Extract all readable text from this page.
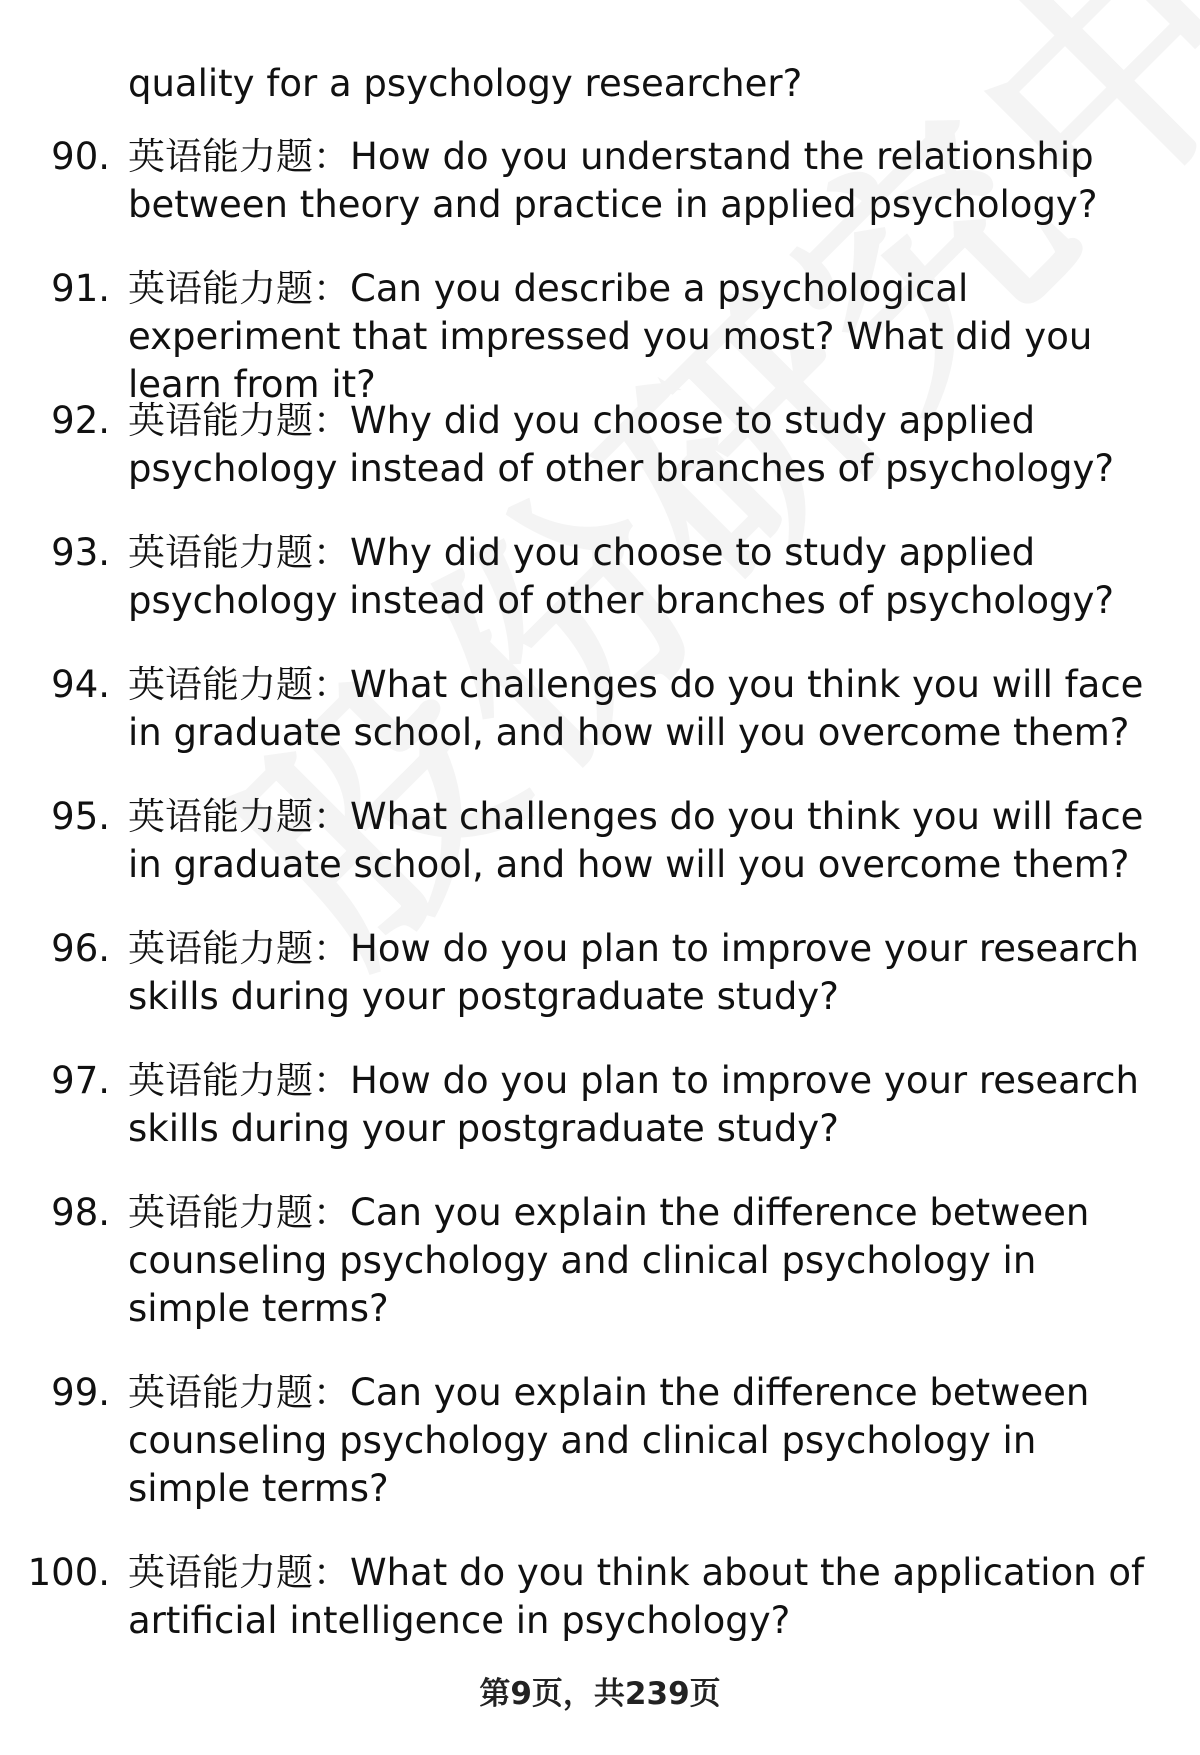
quality for a psychology researcher?
90. 英语能力题：How do you understand the relationship between theory and practice in applied psychology?
91. 英语能力题：Can you describe a psychological experiment that impressed you most? What did you learn from it?
92. 英语能力题：Why did you choose to study applied psychology instead of other branches of psychology?
93. 英语能力题：Why did you choose to study applied psychology instead of other branches of psychology?
94. 英语能力题：What challenges do you think you will face in graduate school, and how will you overcome them?
95. 英语能力题：What challenges do you think you will face in graduate school, and how will you overcome them?
96. 英语能力题：How do you plan to improve your research skills during your postgraduate study?
97. 英语能力题：How do you plan to improve your research skills during your postgraduate study?
98. 英语能力题：Can you explain the difference between counseling psychology and clinical psychology in simple terms?
99. 英语能力题：Can you explain the difference between counseling psychology and clinical psychology in simple terms?
100. 英语能力题：What do you think about the application of artificial intelligence in psychology?
第9页，共239页
